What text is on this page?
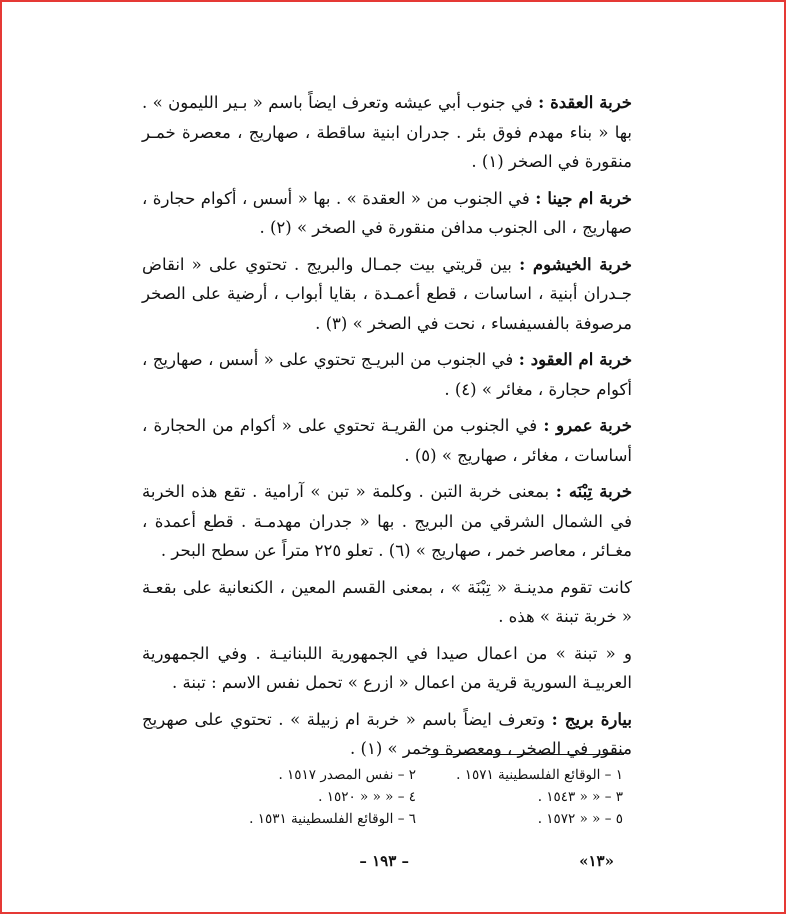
خربة العقدة : في جنوب أبي عيشه وتعرف ايضاً باسم « بـير الليمون » . بها « بناء مهدم فوق بئر . جدران ابنية ساقطة ، صهاريج ، معصرة خمـر منقورة في الصخر (١) .

خربة ام جينا : في الجنوب من « العقدة » . بها « أسس ، أكوام حجارة ، صهاريج ، الى الجنوب مدافن منقورة في الصخر » (٢) .

خربة الخيشوم : بين قريتي بيت جمـال والبريج . تحتوي على « انقاض جـدران أبنية ، اساسات ، قطع أعمـدة ، بقايا أبواب ، أرضية على الصخر مرصوفة بالفسيفساء ، نحت في الصخر » (٣) .

خربة ام العقود : في الجنوب من البريـج تحتوي على « أسس ، صهاريج ، أكوام حجارة ، مغائر » (٤) .

خربة عمرو : في الجنوب من القريـة تحتوي على « أكوام من الحجارة ، أساسات ، مغائر ، صهاريج » (٥) .

خربة تِبْنَه : بمعنى خربة التبن . وكلمة « تبن » آرامية . تقع هذه الخربة في الشمال الشرقي من البريج . بها « جدران مهدمـة . قطع أعمدة ، مغـائر ، معاصر خمر ، صهاريج » (٦) . تعلو ٢٢٥ متراً عن سطح البحر .

كانت تقوم مدينـة « تِبْنَة » ، بمعنى القسم المعين ، الكنعانية على بقعـة « خربة تبنة » هذه .

و « تبنة » من اعمال صيدا في الجمهورية اللبنانيـة . وفي الجمهورية العربيـة السورية قرية من اعمال « ازرع » تحمل نفس الاسم : تبنة .

بيارة بريج : وتعرف ايضاً باسم « خربة ام زبيلة » . تحتوي على صهريج منقور في الصخر ، ومعصرة وخمر » (١) .

١ – الوقائع الفلسطينية ١٥٧١ .
٢ – نفس المصدر ١٥١٧ .
٣ – « « ١٥٤٣ .
٤ – « « « ١٥٢٠ .
٥ – « « ١٥٧٢ .
٦ – الوقائع الفلسطينية ١٥٣١ .
– ١٩٣ –	«١٣»
